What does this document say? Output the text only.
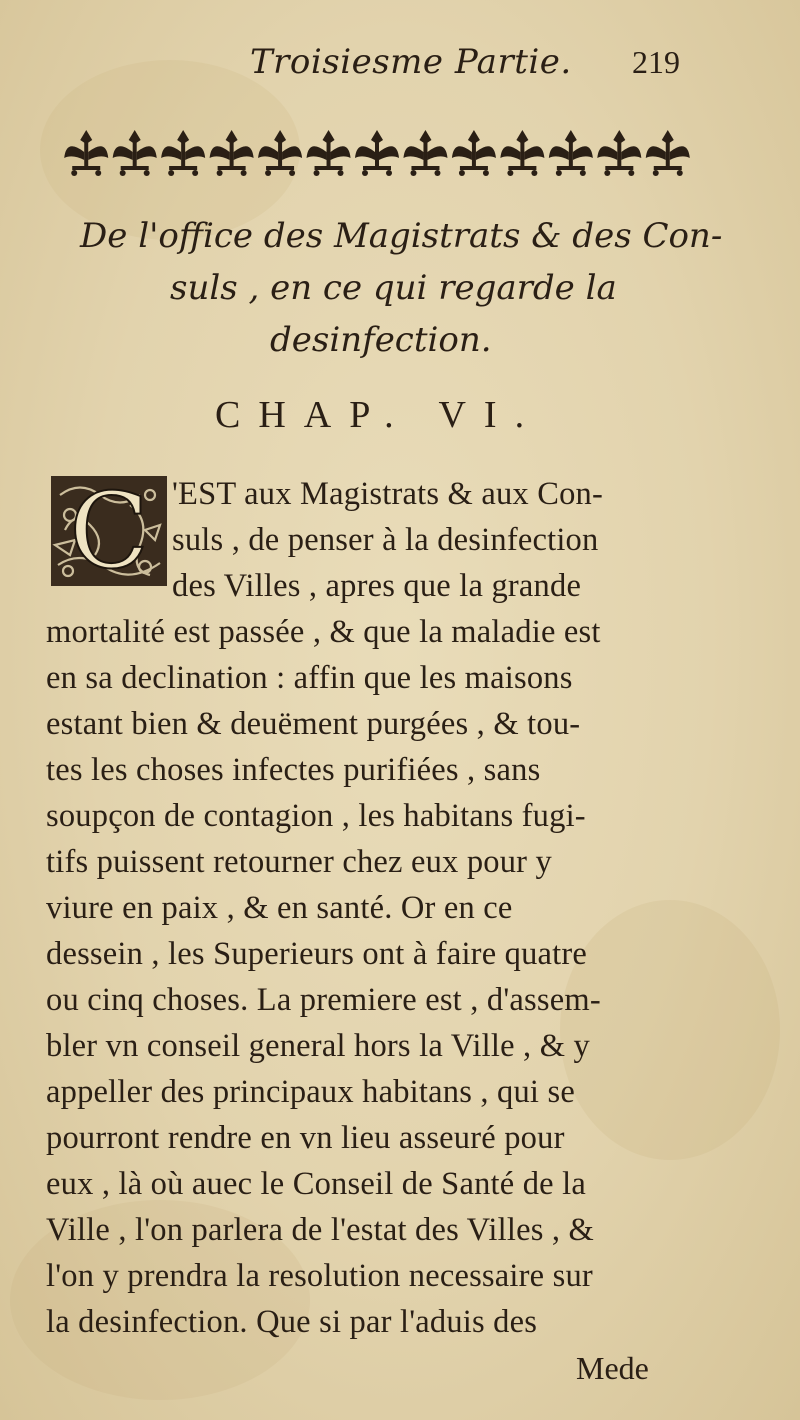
Troisiesme Partie. 219
De l'office des Magistrats & des Con-
suls , en ce qui regarde la
desinfection.
CHAP. VI.
C 'EST aux Magistrats & aux Con-
suls , de penser à la desinfection
des Villes , apres que la grande
mortalité est passée , & que la maladie est
en sa declination : affin que les maisons
estant bien & deuëment purgées , & tou-
tes les choses infectes purifiées , sans
soupçon de contagion , les habitans fugi-
tifs puissent retourner chez eux pour y
viure en paix , & en santé. Or en ce
dessein , les Superieurs ont à faire quatre
ou cinq choses. La premiere est , d'assem-
bler vn conseil general hors la Ville , & y
appeller des principaux habitans , qui se
pourront rendre en vn lieu asseuré pour
eux , là où auec le Conseil de Santé de la
Ville , l'on parlera de l'estat des Villes , &
l'on y prendra la resolution necessaire sur
la desinfection. Que si par l'aduis des
Mede
